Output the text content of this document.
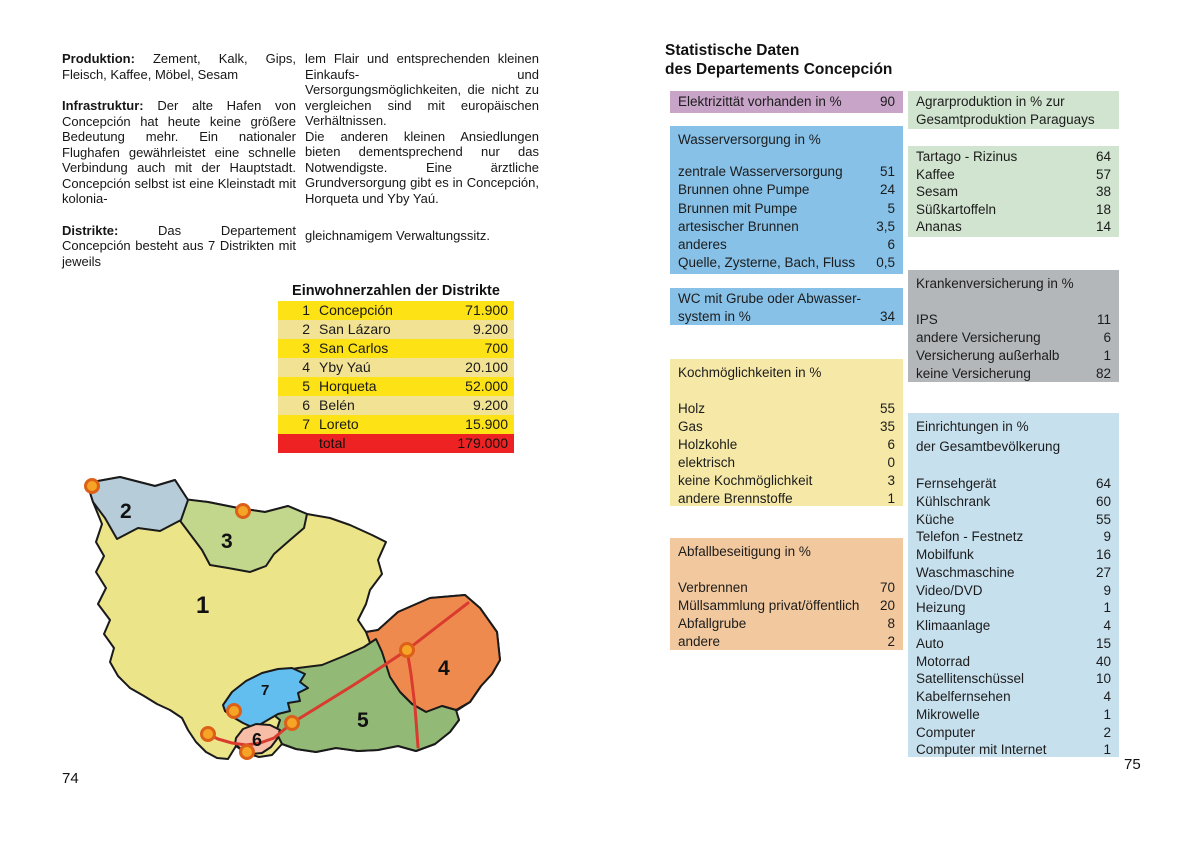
Produktion: Zement, Kalk, Gips, Fleisch, Kaffee, Möbel, Sesam

Infrastruktur: Der alte Hafen von Concepción hat heute keine größere Bedeutung mehr. Ein nationaler Flughafen gewährleistet eine schnelle Verbindung auch mit der Hauptstadt. Concepción selbst ist eine Kleinstadt mit kolonia-

Distrikte: Das Departement Concepción besteht aus 7 Distrikten mit jeweils

lem Flair und entsprechenden kleinen Einkaufs- und Versorgungsmöglichkeiten, die nicht zu vergleichen sind mit europäischen Verhältnissen.

Die anderen kleinen Ansiedlungen bieten dementsprechend nur das Notwendigste. Eine ärztliche Grundversorgung gibt es in Concepción, Horqueta und Yby Yaú.

gleichnamigem Verwaltungssitz.

Einwohnerzahlen der Distrikte
1 Concepción	71.900
2 San Lázaro	9.200
3 San Carlos	700
4 Yby Yaú	20.100
5 Horqueta	52.000
6 Belén	9.200
7 Loreto	15.900
total	179.000
1
2
3
4
5
6
7
74
Statistische Daten
des Departements Concepción
Elektrizittät vorhanden in %	90
Wasserversorgung in %
zentrale Wasserversorgung	51
Brunnen ohne Pumpe	24
Brunnen mit Pumpe	5
artesischer Brunnen	3,5
anderes	6
Quelle, Zysterne, Bach, Fluss 0,5
WC mit Grube oder Abwasser-
system in %	34
Kochmöglichkeiten in %
Holz	55
Gas	35
Holzkohle	6
elektrisch	0
keine Kochmöglichkeit	3
andere Brennstoffe	1
Abfallbeseitigung in %
Verbrennen	70
Müllsammlung privat/öffentlich 20
Abfallgrube	8
andere	2
Agrarproduktion in % zur
Gesamtproduktion Paraguays
Tartago - Rizinus	64
Kaffee	57
Sesam	38
Süßkartoffeln	18
Ananas	14
Krankenversicherung in %
IPS	11
andere Versicherung	6
Versicherung außerhalb	1
keine Versicherung	82
Einrichtungen in %
der Gesamtbevölkerung
Fernsehgerät	64
Kühlschrank	60
Küche	55
Telefon - Festnetz	9
Mobilfunk	16
Waschmaschine	27
Video/DVD	9
Heizung	1
Klimaanlage	4
Auto	15
Motorrad	40
Satellitenschüssel	10
Kabelfernsehen	4
Mikrowelle	1
Computer	2
Computer mit Internet	1
75
